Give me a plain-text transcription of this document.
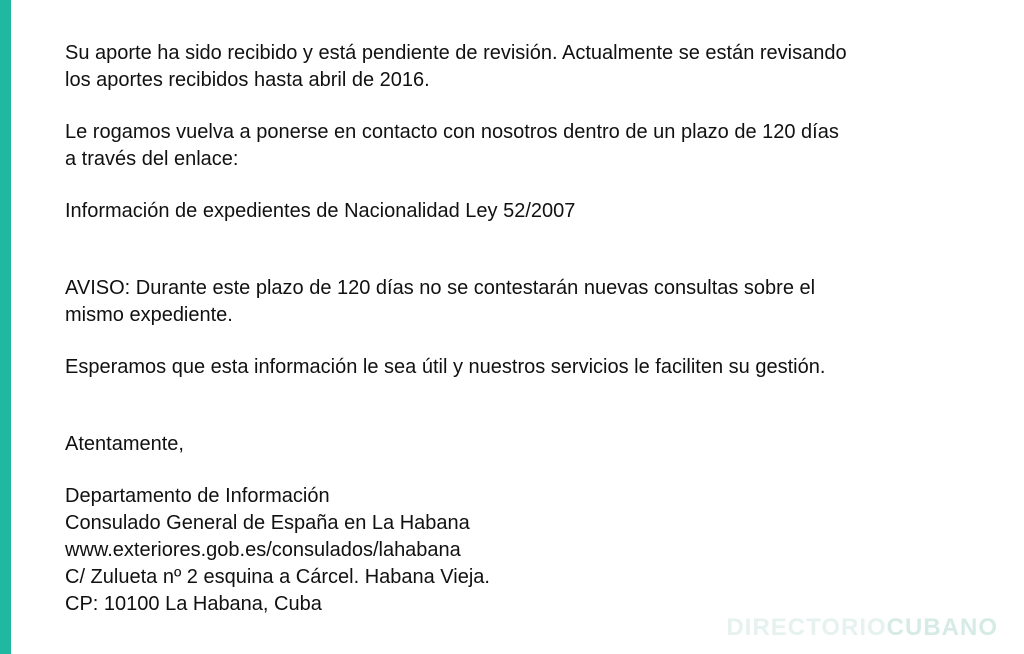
Su aporte ha sido recibido y está pendiente de revisión. Actualmente se están revisando
los aportes recibidos hasta abril de 2016.

Le rogamos vuelva a ponerse en contacto con nosotros dentro de un plazo de 120 días
a través del enlace:

Información de expedientes de Nacionalidad Ley 52/2007

AVISO: Durante este plazo de 120 días no se contestarán nuevas consultas sobre el
mismo expediente.

Esperamos que esta información le sea útil y nuestros servicios le faciliten su gestión.

Atentamente,

Departamento de Información
Consulado General de España en La Habana
www.exteriores.gob.es/consulados/lahabana
C/ Zulueta nº 2 esquina a Cárcel. Habana Vieja.
CP: 10100 La Habana, Cuba

DIRECTORIOCUBANO
